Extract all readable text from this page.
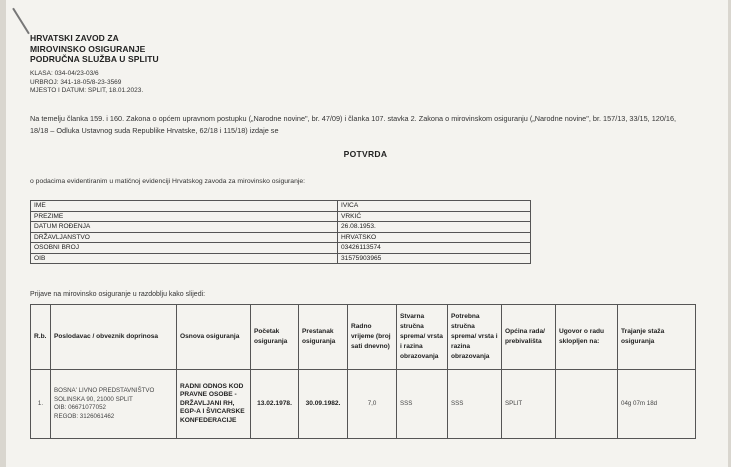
HRVATSKI ZAVOD ZA
MIROVINSKO OSIGURANJE
PODRUČNA SLUŽBA U SPLITU
KLASA: 034-04/23-03/6
URBROJ: 341-18-05/8-23-3569
MJESTO I DATUM: SPLIT, 18.01.2023.
Na temelju članka 159. i 160. Zakona o općem upravnom postupku („Narodne novine", br. 47/09) i članka 107. stavka 2. Zakona o mirovinskom osiguranju („Narodne novine", br. 157/13, 33/15, 120/16, 18/18 – Odluka Ustavnog suda Republike Hrvatske, 62/18 i 115/18) izdaje se
POTVRDA
o podacima evidentiranim u matičnoj evidenciji Hrvatskog zavoda za mirovinsko osiguranje:
IME	IVICA
PREZIME	VRKIĆ
DATUM ROĐENJA	26.08.1953.
DRŽAVLJANSTVO	HRVATSKO
OSOBNI BROJ	03426113574
OIB	31575903965
Prijave na mirovinsko osiguranje u razdoblju kako slijedi:
R.b.	Poslodavac / obveznik doprinosa	Osnova osiguranja	Početak osiguranja	Prestanak osiguranja	Radno vrijeme (broj sati dnevno)	Stvarna stručna sprema/ vrsta i razina obrazovanja	Potrebna stručna sprema/ vrsta i razina obrazovanja	Općina rada/ prebivališta	Ugovor o radu sklopljen na:	Trajanje staža osiguranja
1.	BOSNA' LIVNO PREDSTAVNIŠTVO
SOLINSKA 90, 21000 SPLIT
OIB: 06671077052
REGOB: 3126061462	RADNI ODNOS KOD PRAVNE OSOBE - DRŽAVLJANI RH, EGP-A I ŠVICARSKE KONFEDERACIJE	13.02.1978.	30.09.1982.	7,0	SSS	SSS	SPLIT		04g 07m 18d
